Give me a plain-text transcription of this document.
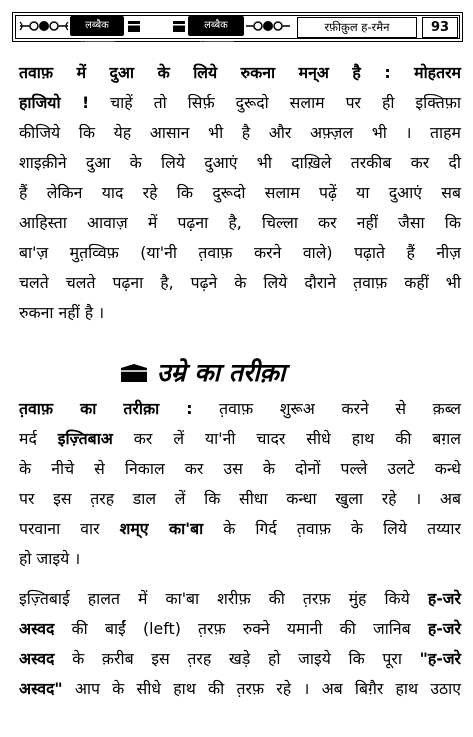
लब्बैक अल्लाहुम्म
लब्बैक अल्लाहुम्म
रफ़ीक़ुल ह-रमैन	93
तवाफ़ में दुआ के लिये रुकना मन्अ है : मोहतरम
हाजियो ! चाहें तो सिर्फ़ दुरूदो सलाम पर ही इक्तिफ़ा
कीजिये कि येह आसान भी है और अफ़्ज़ल भी । ताहम
शाइक़ीने दुआ के लिये दुआएं भी दाख़िले तरकीब कर दी
हैं लेकिन याद रहे कि दुरूदो सलाम पढ़ें या दुआएं सब
आहिस्ता आवाज़ में पढ़ना है, चिल्ला कर नहीं जैसा कि
बा'ज़ मुत़व्विफ़ (या'नी त़वाफ़ करने वाले) पढ़ाते हैं नीज़
चलते चलते पढ़ना है, पढ़ने के लिये दौराने त़वाफ़ कहीं भी
रुकना नहीं है ।
उम्रे का तरीक़ा
त़वाफ़ का तरीक़ा : त़वाफ़ शुरूअ करने से क़ब्ल
मर्द इज़्तिबाअ कर लें या'नी चादर सीधे हाथ की बग़ल
के नीचे से निकाल कर उस के दोनों पल्ले उलटे कन्धे
पर इस त़रह डाल लें कि सीधा कन्धा खुला रहे । अब
परवाना वार शम्ए का'बा के गिर्द त़वाफ़ के लिये तय्यार
हो जाइये ।
इज़्तिबाई हालत में का'बा शरीफ़ की त़रफ़ मुंह किये ह-जरे
अस्वद की बाईं (left) त़रफ़ रुक्ने यमानी की जानिब ह-जरे
अस्वद के क़रीब इस त़रह खड़े हो जाइये कि पूरा "ह-जरे
अस्वद" आप के सीधे हाथ की त़रफ़ रहे । अब बिग़ैर हाथ उठाए
